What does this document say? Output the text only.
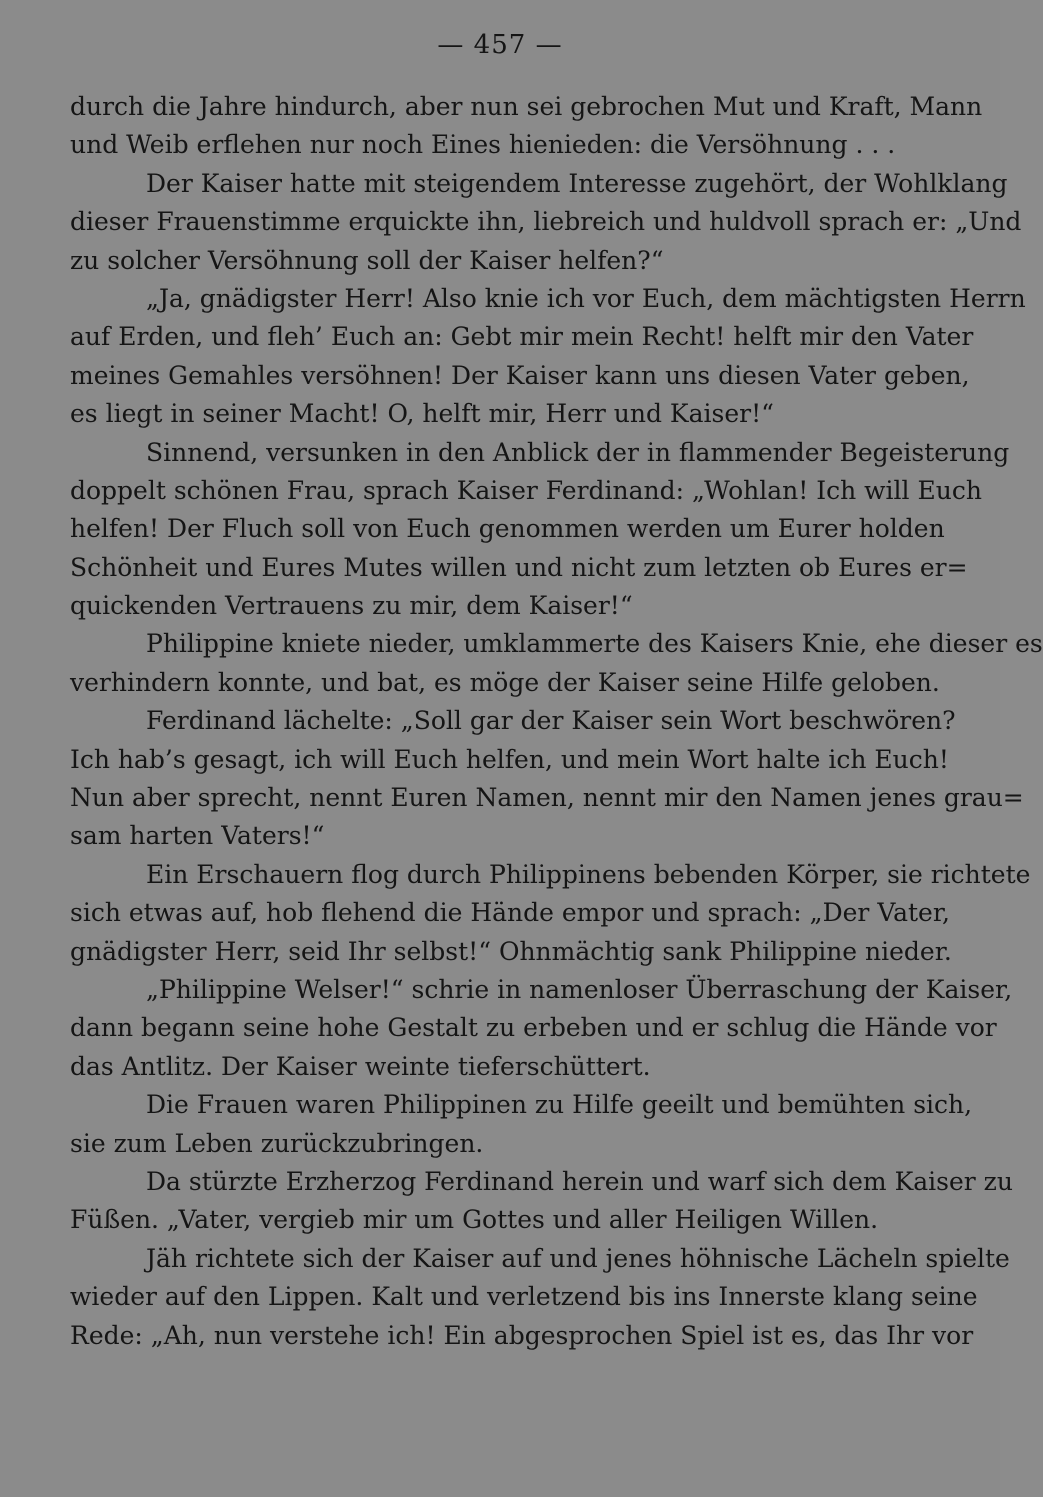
— 457 —
durch die Jahre hindurch, aber nun sei gebrochen Mut und Kraft, Mann
und Weib erflehen nur noch Eines hienieden: die Versöhnung . . .
Der Kaiser hatte mit steigendem Interesse zugehört, der Wohlklang
dieser Frauenstimme erquickte ihn, liebreich und huldvoll sprach er: „Und
zu solcher Versöhnung soll der Kaiser helfen?“
„Ja, gnädigster Herr! Also knie ich vor Euch, dem mächtigsten Herrn
auf Erden, und fleh’ Euch an: Gebt mir mein Recht! helft mir den Vater
meines Gemahles versöhnen! Der Kaiser kann uns diesen Vater geben,
es liegt in seiner Macht! O, helft mir, Herr und Kaiser!“
Sinnend, versunken in den Anblick der in flammender Begeisterung
doppelt schönen Frau, sprach Kaiser Ferdinand: „Wohlan! Ich will Euch
helfen! Der Fluch soll von Euch genommen werden um Eurer holden
Schönheit und Eures Mutes willen und nicht zum letzten ob Eures er=
quickenden Vertrauens zu mir, dem Kaiser!“
Philippine kniete nieder, umklammerte des Kaisers Knie, ehe dieser es
verhindern konnte, und bat, es möge der Kaiser seine Hilfe geloben.
Ferdinand lächelte: „Soll gar der Kaiser sein Wort beschwören?
Ich hab’s gesagt, ich will Euch helfen, und mein Wort halte ich Euch!
Nun aber sprecht, nennt Euren Namen, nennt mir den Namen jenes grau=
sam harten Vaters!“
Ein Erschauern flog durch Philippinens bebenden Körper, sie richtete
sich etwas auf, hob flehend die Hände empor und sprach: „Der Vater,
gnädigster Herr, seid Ihr selbst!“ Ohnmächtig sank Philippine nieder.
„Philippine Welser!“ schrie in namenloser Überraschung der Kaiser,
dann begann seine hohe Gestalt zu erbeben und er schlug die Hände vor
das Antlitz. Der Kaiser weinte tieferschüttert.
Die Frauen waren Philippinen zu Hilfe geeilt und bemühten sich,
sie zum Leben zurückzubringen.
Da stürzte Erzherzog Ferdinand herein und warf sich dem Kaiser zu
Füßen. „Vater, vergieb mir um Gottes und aller Heiligen Willen.
Jäh richtete sich der Kaiser auf und jenes höhnische Lächeln spielte
wieder auf den Lippen. Kalt und verletzend bis ins Innerste klang seine
Rede: „Ah, nun verstehe ich! Ein abgesprochen Spiel ist es, das Ihr vor
